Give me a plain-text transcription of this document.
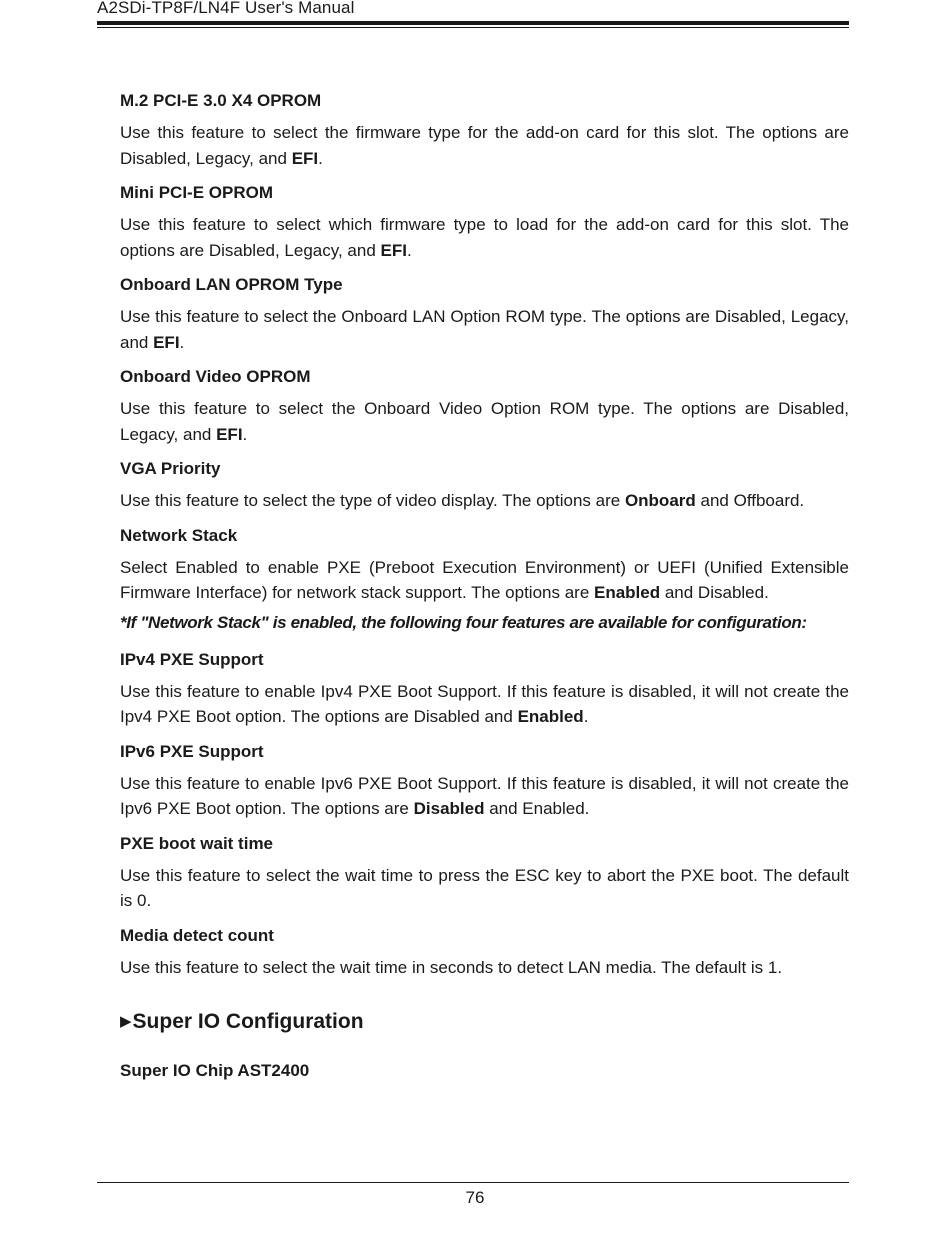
A2SDi-TP8F/LN4F User's Manual
M.2 PCI-E 3.0 X4 OPROM
Use this feature to select the firmware type for the add-on card for this slot. The options are Disabled, Legacy, and EFI.
Mini PCI-E OPROM
Use this feature to select which firmware type to load for the add-on card for this slot. The options are Disabled, Legacy, and EFI.
Onboard LAN OPROM Type
Use this feature to select the Onboard LAN Option ROM type. The options are Disabled, Legacy, and EFI.
Onboard Video OPROM
Use this feature to select the Onboard Video Option ROM type. The options are Disabled, Legacy, and EFI.
VGA Priority
Use this feature to select the type of video display. The options are Onboard and Offboard.
Network Stack
Select Enabled to enable PXE (Preboot Execution Environment) or UEFI (Unified Extensible Firmware Interface) for network stack support. The options are Enabled and Disabled.
*If "Network Stack" is enabled, the following four features are available for configuration:
IPv4 PXE Support
Use this feature to enable Ipv4 PXE Boot Support. If this feature is disabled, it will not create the Ipv4 PXE Boot option. The options are Disabled and Enabled.
IPv6 PXE Support
Use this feature to enable Ipv6 PXE Boot Support. If this feature is disabled, it will not create the Ipv6 PXE Boot option. The options are Disabled and Enabled.
PXE boot wait time
Use this feature to select the wait time to press the ESC key to abort the PXE boot. The default is 0.
Media detect count
Use this feature to select the wait time in seconds to detect LAN media. The default is 1.
▶Super IO Configuration
Super IO Chip AST2400
76
